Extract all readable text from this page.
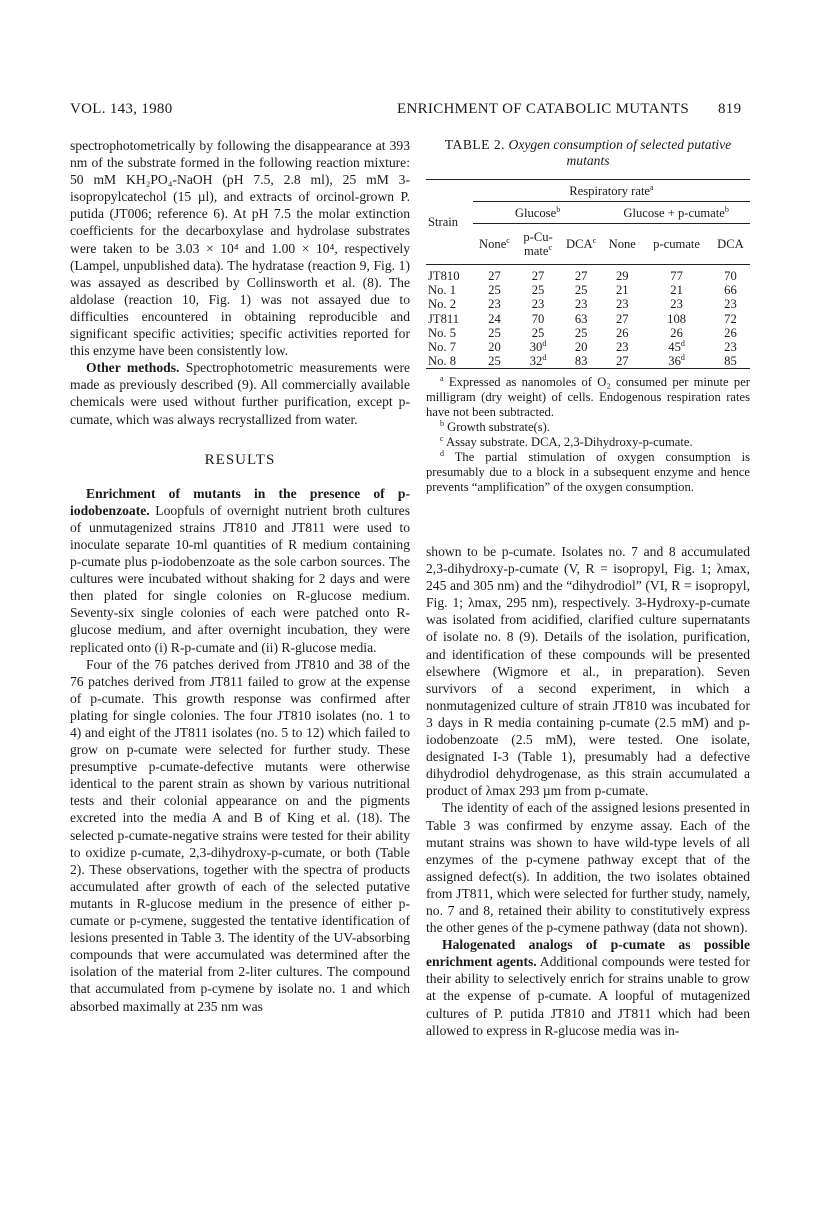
VOL. 143, 1980	ENRICHMENT OF CATABOLIC MUTANTS 819

spectrophotometrically by following the disappearance at 393 nm of the substrate formed in the following reaction mixture: 50 mM KH₂PO₄-NaOH (pH 7.5, 2.8 ml), 25 mM 3-isopropylcatechol (15 µl), and extracts of orcinol-grown P. putida (JT006; reference 6). At pH 7.5 the molar extinction coefficients for the decarboxylase and hydrolase substrates were taken to be 3.03 × 10⁴ and 1.00 × 10⁴, respectively (Lampel, unpublished data). The hydratase (reaction 9, Fig. 1) was assayed as described by Collinsworth et al. (8). The aldolase (reaction 10, Fig. 1) was not assayed due to difficulties encountered in obtaining reproducible and significant specific activities; specific activities reported for this enzyme have been consistently low.

Other methods. Spectrophotometric measurements were made as previously described (9). All commercially available chemicals were used without further purification, except p-cumate, which was always recrystallized from water.

RESULTS

Enrichment of mutants in the presence of p-iodobenzoate. Loopfuls of overnight nutrient broth cultures of unmutagenized strains JT810 and JT811 were used to inoculate separate 10-ml quantities of R medium containing p-cumate plus p-iodobenzoate as the sole carbon sources. The cultures were incubated without shaking for 2 days and were then plated for single colonies on R-glucose medium. Seventy-six single colonies of each were patched onto R-glucose medium, and after overnight incubation, they were replicated onto (i) R-p-cumate and (ii) R-glucose media.

Four of the 76 patches derived from JT810 and 38 of the 76 patches derived from JT811 failed to grow at the expense of p-cumate. This growth response was confirmed after plating for single colonies. The four JT810 isolates (no. 1 to 4) and eight of the JT811 isolates (no. 5 to 12) which failed to grow on p-cumate were selected for further study. These presumptive p-cumate-defective mutants were otherwise identical to the parent strain as shown by various nutritional tests and their colonial appearance on and the pigments excreted into the media A and B of King et al. (18). The selected p-cumate-negative strains were tested for their ability to oxidize p-cumate, 2,3-dihydroxy-p-cumate, or both (Table 2). These observations, together with the spectra of products accumulated after growth of each of the selected putative mutants in R-glucose medium in the presence of either p-cumate or p-cymene, suggested the tentative identification of lesions presented in Table 3. The identity of the UV-absorbing compounds that were accumulated was determined after the isolation of the material from 2-liter cultures. The compound that accumulated from p-cymene by isolate no. 1 and which absorbed maximally at 235 nm was

TABLE 2. Oxygen consumption of selected putative mutants
Strain	Respiratory rate$^a$
	Glucose$^b$			Glucose + p-cumate$^b$
	None$^c$	p-Cu-mate$^c$	DCA$^c$	None	p-cumate	DCA
JT810	27	27	27	29	77	70
No. 1	25	25	25	21	21	66
No. 2	23	23	23	23	23	23
JT811	24	70	63	27	108	72
No. 5	25	25	25	26	26	26
No. 7	20	30$^d$	20	23	45$^d$	23
No. 8	25	32$^d$	83	27	36$^d$	85

$^a$ Expressed as nanomoles of O₂ consumed per minute per milligram (dry weight) of cells. Endogenous respiration rates have not been subtracted.

$^b$ Growth substrate(s).

$^c$ Assay substrate. DCA, 2,3-Dihydroxy-p-cumate.

$^d$ The partial stimulation of oxygen consumption is presumably due to a block in a subsequent enzyme and hence prevents “amplification” of the oxygen consumption.

shown to be p-cumate. Isolates no. 7 and 8 accumulated 2,3-dihydroxy-p-cumate (V, R = isopropyl, Fig. 1; λmax, 245 and 305 nm) and the “dihydrodiol” (VI, R = isopropyl, Fig. 1; λmax, 295 nm), respectively. 3-Hydroxy-p-cumate was isolated from acidified, clarified culture supernatants of isolate no. 8 (9). Details of the isolation, purification, and identification of these compounds will be presented elsewhere (Wigmore et al., in preparation). Seven survivors of a second experiment, in which a nonmutagenized culture of strain JT810 was incubated for 3 days in R media containing p-cumate (2.5 mM) and p-iodobenzoate (2.5 mM), were tested. One isolate, designated I-3 (Table 1), presumably had a defective dihydrodiol dehydrogenase, as this strain accumulated a product of λmax 293 µm from p-cumate.

The identity of each of the assigned lesions presented in Table 3 was confirmed by enzyme assay. Each of the mutant strains was shown to have wild-type levels of all enzymes of the p-cymene pathway except that of the assigned defect(s). In addition, the two isolates obtained from JT811, which were selected for further study, namely, no. 7 and 8, retained their ability to constitutively express the other genes of the p-cymene pathway (data not shown).

Halogenated analogs of p-cumate as possible enrichment agents. Additional compounds were tested for their ability to selectively enrich for strains unable to grow at the expense of p-cumate. A loopful of mutagenized cultures of P. putida JT810 and JT811 which had been allowed to express in R-glucose media was in-
